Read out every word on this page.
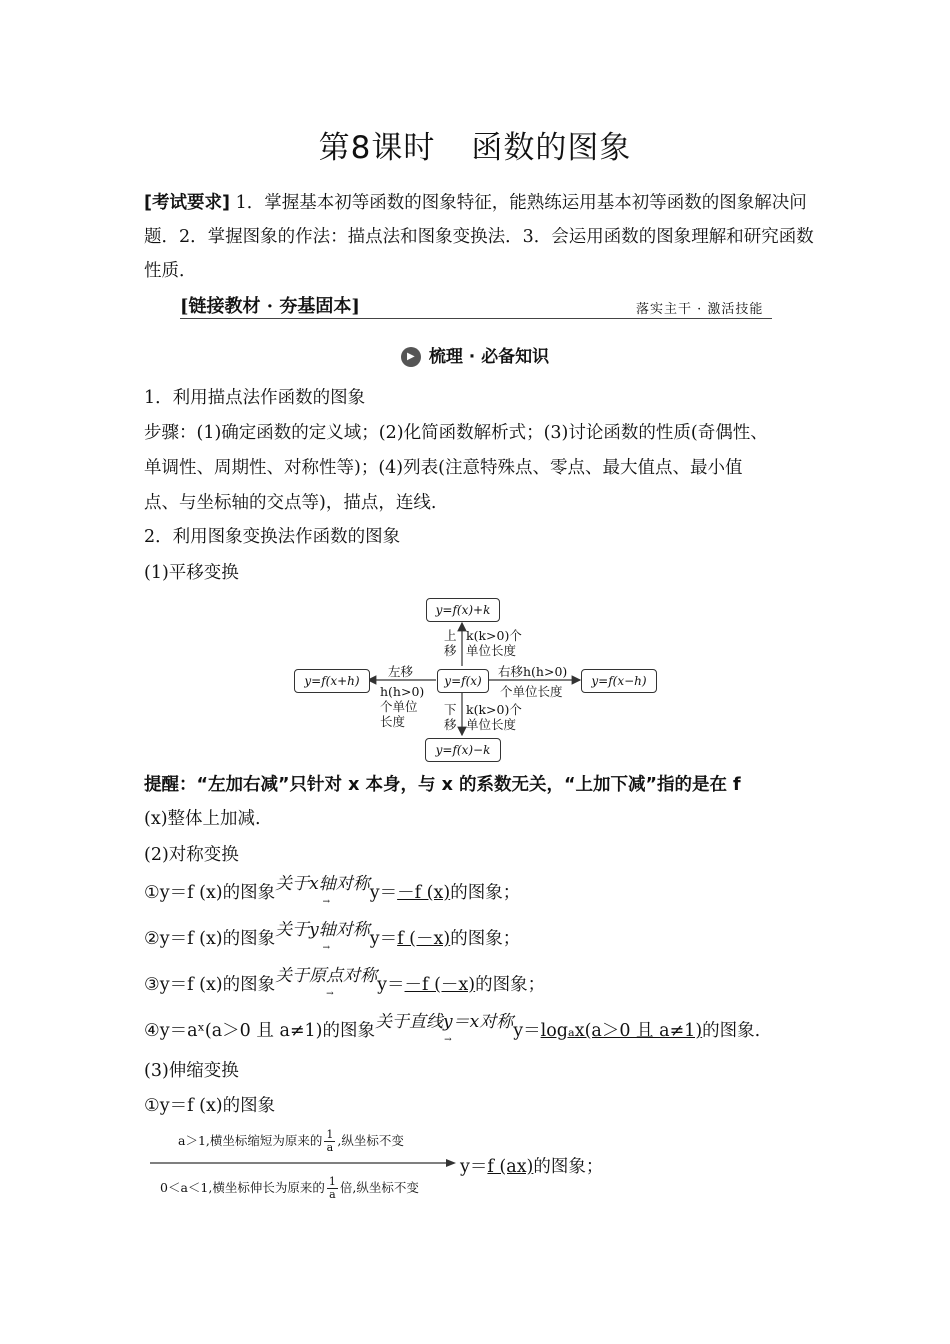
第8课时 函数的图象
[考试要求] 1．掌握基本初等函数的图象特征，能熟练运用基本初等函数的图象解决问题．2．掌握图象的作法：描点法和图象变换法．3．会运用函数的图象理解和研究函数性质．
[链接教材 · 夯基固本]	落实主干 · 激活技能
▶ 梳理 · 必备知识
1．利用描点法作函数的图象
步骤：(1)确定函数的定义域；(2)化简函数解析式；(3)讨论函数的性质(奇偶性、
单调性、周期性、对称性等)；(4)列表(注意特殊点、零点、最大值点、最小值
点、与坐标轴的交点等)，描点，连线.
2．利用图象变换法作函数的图象
(1)平移变换
y=f(x)+k
y=f(x)
y=f(x+h)	y=f(x−h)
y=f(x)−k
上
移
k(k>0)个
单位长度
左移
h(h>0)
个单位
长度
右移h(h>0)
个单位长度
下
移
k(k>0)个
单位长度
提醒：“左加右减”只针对 x 本身，与 x 的系数无关，“上加下减”指的是在 f
(x)整体上加减.
(2)对称变换
①y＝f (x)的图象关于x轴对称
→ y＝－f (x)的图象；
②y＝f (x)的图象关于y轴对称
→ y＝f (－x)的图象；
③y＝f (x)的图象关于原点对称
→ y＝－f (－x)的图象；
④y＝aˣ(a＞0 且 a≠1)的图象关于直线y＝x对称
→	y＝logₐx(a＞0 且 a≠1)的图象.
(3)伸缩变换
①y＝f (x)的图象
a＞1,横坐标缩短为原来的 $\frac{1}{a}$ ,纵坐标不变
0＜a＜1,横坐标伸长为原来的 $\frac{1}{a}$ 倍,纵坐标不变
y＝f (ax)的图象；
